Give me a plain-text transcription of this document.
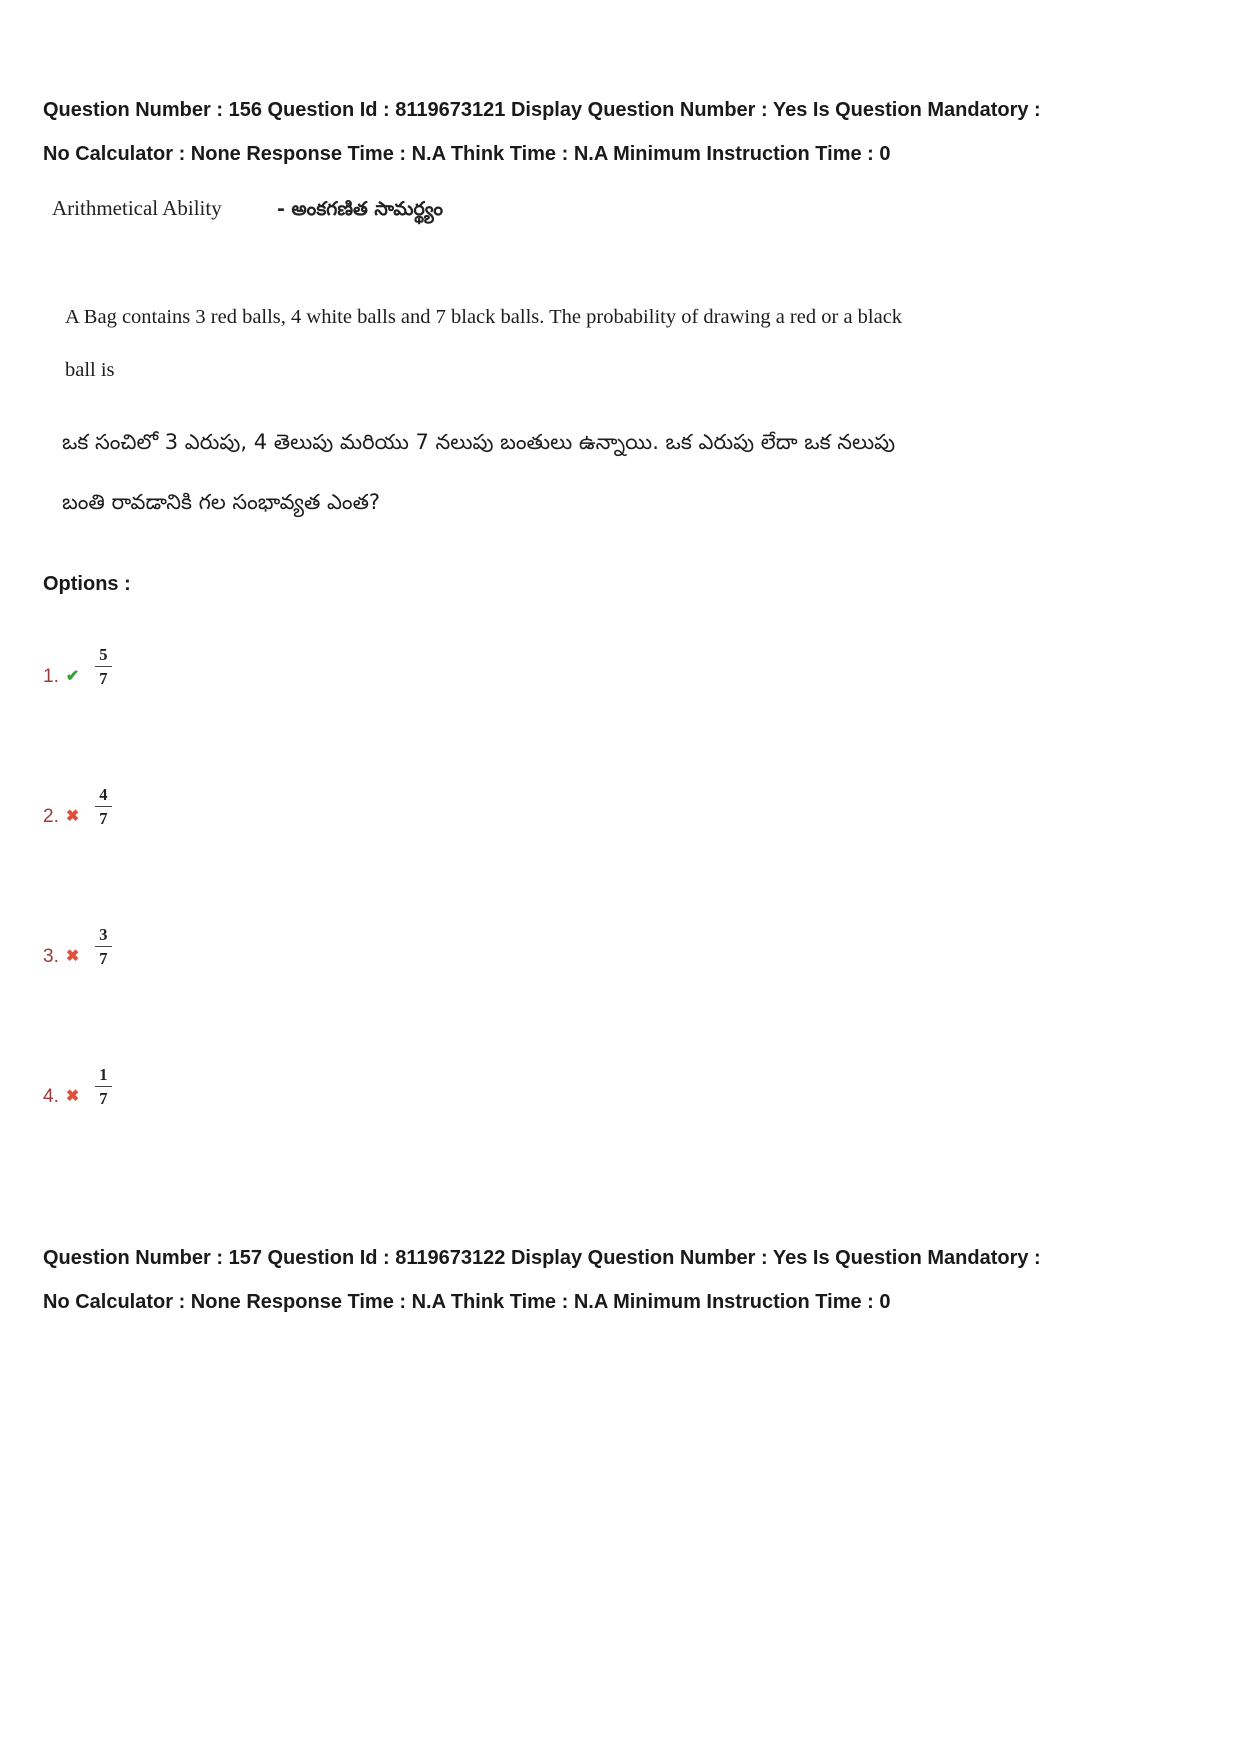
Question Number : 156 Question Id : 8119673121 Display Question Number : Yes Is Question Mandatory : No Calculator : None Response Time : N.A Think Time : N.A Minimum Instruction Time : 0

Arithmetical Ability	- అంకగణిత సామర్థ్యం

A Bag contains 3 red balls, 4 white balls and 7 black balls. The probability of drawing a red or a black ball is

ఒక సంచిలో 3 ఎరుపు, 4 తెలుపు మరియు 7 నలుపు బంతులు ఉన్నాయి. ఒక ఎరుపు లేదా ఒక నలుపు బంతి రావడానికి గల సంభావ్యత ఎంత?

Options :

1. ✔ $\frac{5}{7}$
2. ✖ $\frac{4}{7}$
3. ✖ $\frac{3}{7}$
4. ✖ $\frac{1}{7}$

Question Number : 157 Question Id : 8119673122 Display Question Number : Yes Is Question Mandatory : No Calculator : None Response Time : N.A Think Time : N.A Minimum Instruction Time : 0
